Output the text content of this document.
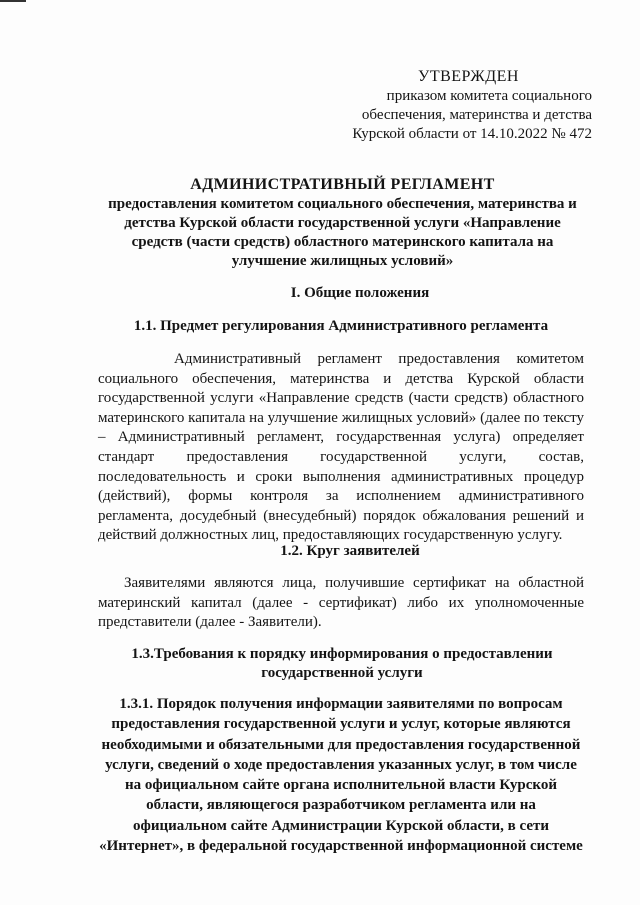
УТВЕРЖДЕН
приказом комитета социального
обеспечения, материнства и детства
Курской области от 14.10.2022 № 472
АДМИНИСТРАТИВНЫЙ РЕГЛАМЕНТ
предоставления комитетом социального обеспечения, материнства и
детства Курской области государственной услуги «Направление
средств (части средств) областного материнского капитала на
улучшение жилищных условий»
I. Общие положения
1.1. Предмет регулирования Административного регламента
Административный регламент предоставления комитетом социального обеспечения, материнства и детства Курской области государственной услуги «Направление средств (части средств) областного материнского капитала на улучшение жилищных условий» (далее по тексту – Административный регламент, государственная услуга) определяет стандарт предоставления государственной услуги, состав, последовательность и сроки выполнения административных процедур (действий), формы контроля за исполнением административного регламента, досудебный (внесудебный) порядок обжалования решений и действий должностных лиц, предоставляющих государственную услугу.
1.2. Круг заявителей
Заявителями являются лица, получившие сертификат на областной материнский капитал (далее - сертификат) либо их уполномоченные представители (далее - Заявители).
1.3.Требования к порядку информирования о предоставлении
государственной услуги
1.3.1. Порядок получения информации заявителями по вопросам
предоставления государственной услуги и услуг, которые являются
необходимыми и обязательными для предоставления государственной
услуги, сведений о ходе предоставления указанных услуг, в том числе
на официальном сайте органа исполнительной власти Курской
области, являющегося разработчиком регламента или на
официальном сайте Администрации Курской области, в сети
«Интернет», в федеральной государственной информационной системе
